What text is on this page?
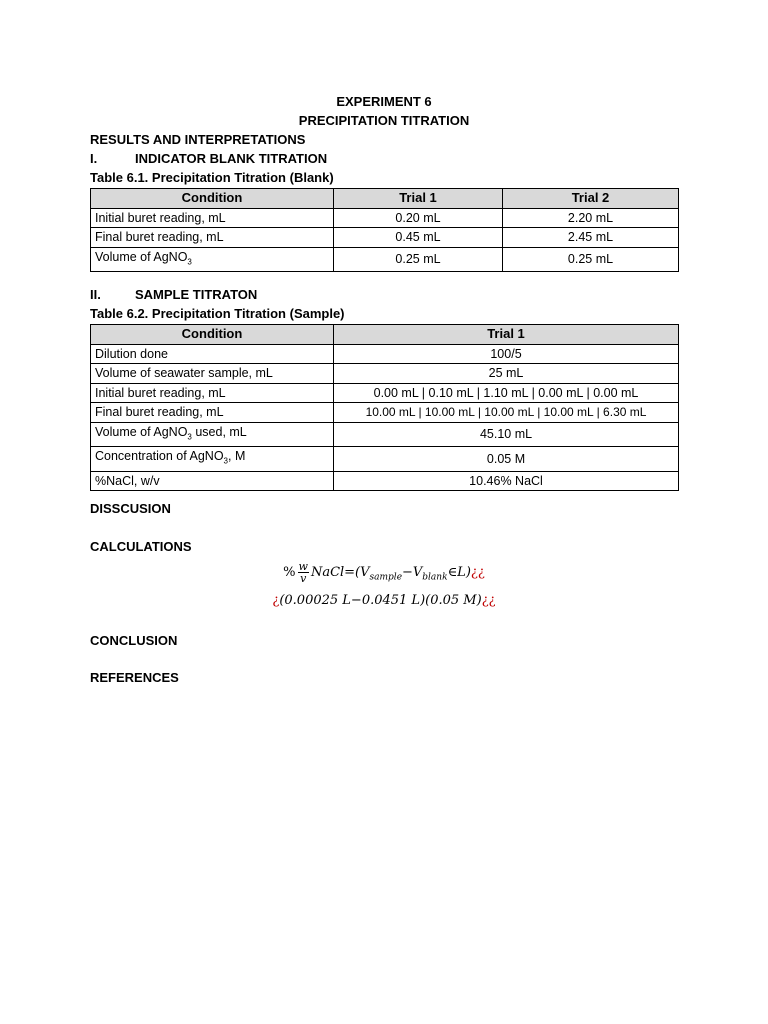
EXPERIMENT 6
PRECIPITATION TITRATION
RESULTS AND INTERPRETATIONS
I.	INDICATOR BLANK TITRATION
Table 6.1. Precipitation Titration (Blank)
Condition	Trial 1	Trial 2
Initial buret reading, mL	0.20 mL	2.20 mL
Final buret reading, mL	0.45 mL	2.45 mL
Volume of AgNO$_3$	0.25 mL	0.25 mL
II.	SAMPLE TITRATON
Table 6.2. Precipitation Titration (Sample)
Condition	Trial 1
Dilution done	100/5
Volume of seawater sample, mL	25 mL
Initial buret reading, mL	0.00 mL | 0.10 mL | 1.10 mL | 0.00 mL | 0.00 mL
Final buret reading, mL	10.00 mL | 10.00 mL | 10.00 mL | 10.00 mL | 6.30 mL
Volume of AgNO$_3$ used, mL	45.10 mL
Concentration of AgNO$_3$, M	0.05 M
%NaCl, w/v	10.46% NaCl
DISSCUSION
CALCULATIONS
% $\frac{w}{v}$ $NaCl=(V_{sample}-V_{blank}\in L)¿¿$
¿(0.00025 L−0.0451 L)(0.05 M)¿¿
CONCLUSION
REFERENCES
